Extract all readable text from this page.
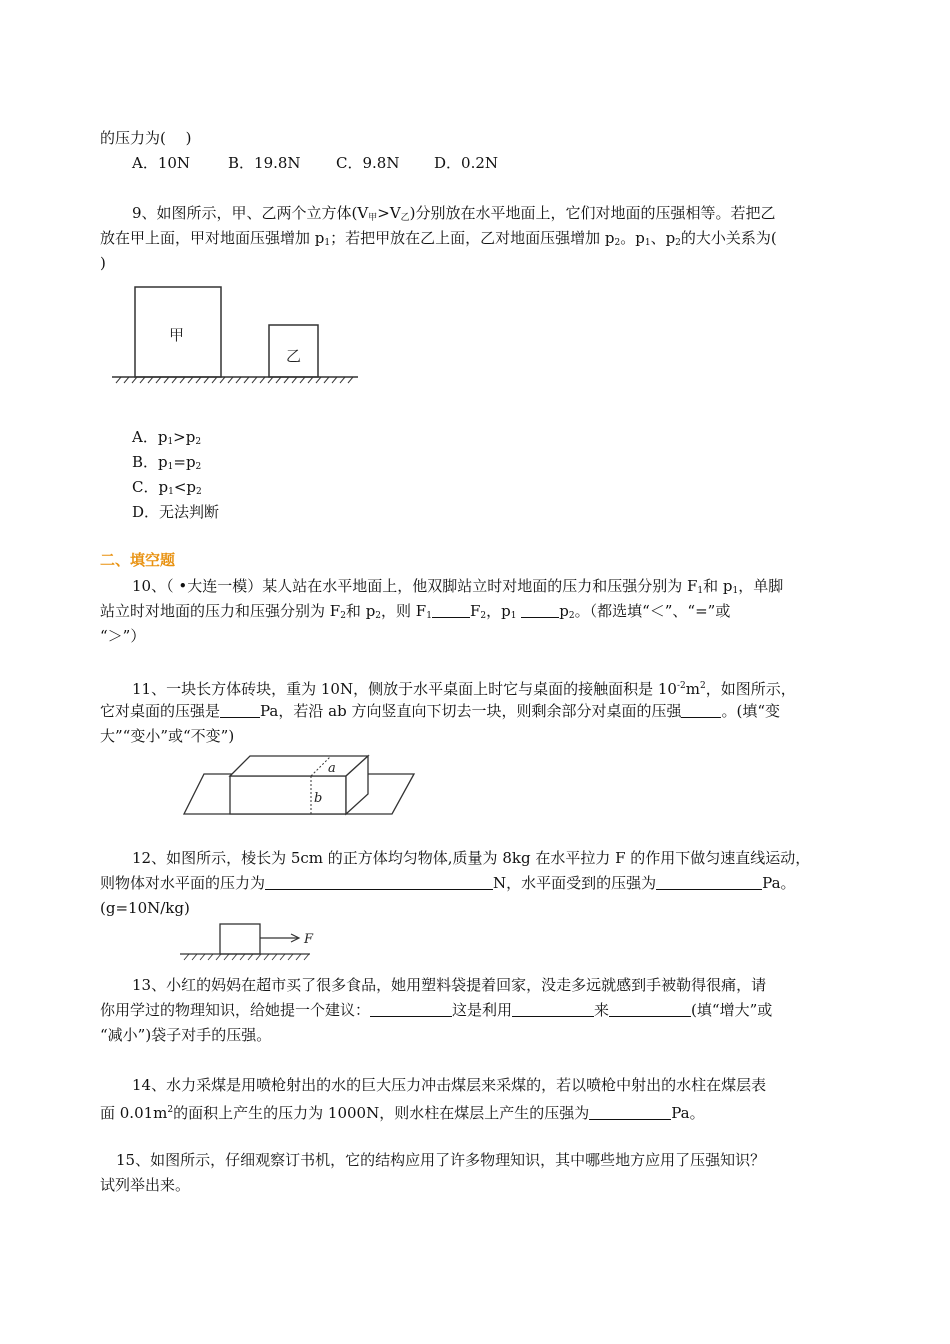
的压力为(　 )
A．10N	B．19.8N C．9.8N D．0.2N
9、如图所示，甲、乙两个立方体$(V_甲>V_乙)$分别放在水平地面上，它们对地面的压强相等。若把乙
放在甲上面，甲对地面压强增加 $p_1$；若把甲放在乙上面，乙对地面压强增加 $p_2$。$p_1$、$p_2$的大小关系为(
)
甲
乙
A．$p_1>p_2$
B．$p_1=p_2$
C．$p_1<p_2$
D．无法判断
二、填空题
10、（ •大连一模）某人站在水平地面上，他双脚站立时对地面的压力和压强分别为 $F_1$和 $p_1$，单脚
站立时对地面的压力和压强分别为 $F_2$和 $p_2$，则 $F_1$	$F_2$，$p_1$	$p_2$。（都选填“＜”、“=”或
“＞”）
11、一块长方体砖块，重为 10N，侧放于水平桌面上时它与桌面的接触面积是 $10^{-2}m^2$，如图所示，
它对桌面的压强是	Pa，若沿 ab 方向竖直向下切去一块，则剩余部分对桌面的压强	。(填“变
大”“变小”或“不变”)
a
b
12、如图所示，棱长为 5cm 的正方体均匀物体,质量为 8kg 在水平拉力 F 的作用下做匀速直线运动，
则物体对水平面的压力为	N，水平面受到的压强为	Pa。
(g=10N/kg)
F
13、小红的妈妈在超市买了很多食品，她用塑料袋提着回家，没走多远就感到手被勒得很痛，请
你用学过的物理知识，给她提一个建议：	这是利用	来	(填“增大”或
“减小”)袋子对手的压强。
14、水力采煤是用喷枪射出的水的巨大压力冲击煤层来采煤的，若以喷枪中射出的水柱在煤层表
面 $0.01m^2$的面积上产生的压力为 1000N，则水柱在煤层上产生的压强为	Pa。
15、如图所示，仔细观察订书机，它的结构应用了许多物理知识，其中哪些地方应用了压强知识？
试列举出来。
